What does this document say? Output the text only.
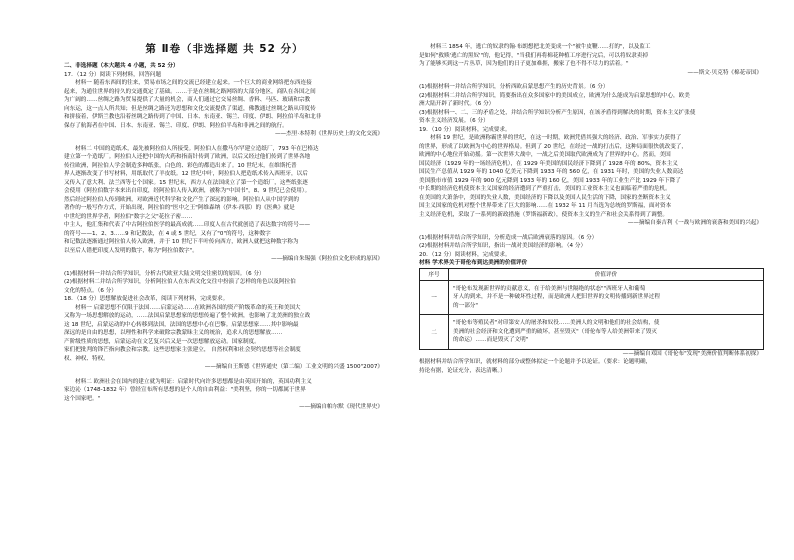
第 Ⅱ卷（非选择题 共 52 分）
二、非选择题（本大题共 4 小题，共 52 分）
17．（12 分）阅读下列材料，回答问题
材料一 随着东西间的往来，贸易市场之间的交流已经建立起来。一个巨大的商业网络把东西连接
起来，为通往世界的持久的交通奠定了基础。……于是在丝绸之路网络的大部分地区，商队在各国之间
为广阔的……丝绸之路为贸易提供了大量的机会，商人们通过它交易丝绸、香料、马匹、玻璃和宗教
向东运，这一点人所共知；但是丝绸之路还为思想和文化交流提供了渠道，佛教通过丝绸之路从印度传
和拼接着，伊斯兰教也沿着丝绸之路传到了中国、日本、东南亚、锡兰、印度、伊朗、阿拉伯半岛和北非
保存了航海者在中国、日本、东南亚、锡兰、印度、伊朗、阿拉伯半岛和非洲之间的航行。
——杰里·本特利《世界历史上的文化交流》
材料二 中国的造纸术，最先被阿拉伯人所接受。阿拉伯人在撒马尔罕建立造纸厂，793 年在巴格达
建立第一个造纸厂。阿拉伯人还把中国的火药和指南针传到了欧洲，以后又经过他们传到了世界各地
传往欧洲，阿拉伯人学会制造多种纸张，白色的、彩色的都造出来了。10 世纪末，在维斯托普
界人逐渐改变了书写材料，用纸取代了羊皮纸。12 世纪中叶，阿拉伯人把造纸术传入西班牙，以后
又传入了意大利、法兰西等七个国家。15 世纪末，西方人在法国成立了第一个造纸厂，这些纸张逐
会使用（阿拉伯数字本来出自印度，经阿拉伯人传入欧洲，被称为"中国书"，8、9 世纪已会使用）。
然后经过阿拉伯人传到欧洲，对欧洲近代科学和文化产生了深远的影响。阿拉伯人从中国学到的
著作的一般写作方式，开始出现，阿拉伯的"医中之王"阿维森纳（伊本·西那）的《医典》就是
中世纪的世界学者，阿拉伯"数字之父"花拉子密……
中主人，他汇集和代表了中古阿拉伯医学的最高成就……印度人在古代就创造了表达数字的符号——
的符号——1、2、3……9 和记数法，在 4 或 5 世纪，又有了"0"的符号，这种数字
和记数法逐渐通过阿拉伯人传入欧洲，并于 10 世纪下半叶传向西方，欧洲人就把这种数字称为
以至后人错把印度人发明的数字，称为"阿拉伯数字"。
——摘编自朱锡强《阿拉伯文化形成的原因》
(1)根据材料一并结合所学知识，分析古代欧亚大陆文明交往密切的原因。（6 分）
(2)根据材料二并结合所学知识，分析阿拉伯人在东西文化交往中扮演了怎样的角色以及阿拉伯
文化的特点。（6 分）
18．（18 分）思想解放促进社会改革，阅读下列材料，完成要求。
材料一 启蒙思想不仅限于法国……启蒙运动……在欧洲各国的资产阶级革命的英王和美国大
又称为一场思想解放的运动，……法国启蒙思想家的思想传遍了整个欧洲，也影响了北美洲的独立战
这 18 世纪，启蒙运动的中心转移到法国，法国的思想中心在巴黎。启蒙思想家……其中影响最
深远的是自由的思想，以理性和科学来破除宗教蒙昧主义的统治，追求人的思想解放……
产阶级性质的思想，启蒙运动在文艺复兴后又是一次思想解放运动。国家制度。
家们把批判的锋芒指向教会和宗教。这些思想家主张建立， 自然权利和社会契约思想等社会制度
权、神权、特权。
——摘编自王斯德《世界通史（第二编）工业文明的兴盛 1500"2007》
材料二 欧洲社会在国内的建立就为明证：启蒙时代向许多思想都是由英国开始的，英国功利主义
家边沁（1748-1832 年）曾经宣布所有思想的是个人的自由利益："美利坚，你的一切都属于世界
这个国家吧。"
——摘编自帕尔默《现代世界史》
材料三 1854 年，逃亡的奴隶约翰·布朗想把北美变成一个"被牛皮鞭……打的"，以及监工
是如何"救赎'逃亡的黑奴'"的，他记得，"当我们再将棉花种植工序进行完后，可以将奴隶卖掉
为了能够买到这一片丛草，因为他们的日子更加难捱，搬家了也不得不尽力的活着。"
——斯文·贝克特《棉花帝国》
(1)根据材料一并结合所学知识，分析西欧启蒙思想产生的历史背景。（6 分）
(2)根据材料二并结合所学知识，简要指出在众多国家中的美国成立，欧洲为什么能成为启蒙思想的中心，欧美
洲大陆开辟了新时代。（6 分）
(3)根据材料一、二、三的矛盾之处，并结合所学知识分析产生原因，在该矛盾得到解决的时期，资本主义扩张使
资本主义经济发展。（6 分）
19．（10 分）阅读材料，完成要求。
材料 19 世纪，是欧洲称霸世界的世纪，在这一时期，欧洲凭借其强大的经济、政治、军事实力获得了
的世界，形成了以欧洲为中心的世界格局。但到了 20 世纪，在经过一战的打击后，这种局面很快就改变了，
欧洲的中心地位开始动摇。第一次世界大战中，一战之后美国取代欧洲成为了世界的中心。然而，美国
国民经济（1929 年的一场经济危机），在 1929 年美国的国民经济下降到了 1928 年的 80%，资本主义
国民生产总值从 1929 年的 1040 亿美元下降到 1933 年的 560 亿，在 1931 年时，美国的失业人数高达
美国股市市值 1929 年的 900 亿元降到 1933 年的 160 亿，美国 1933 年的工业生产比 1929 年下降了
中长期的经济危机使资本主义国家的经济遭到了严重打击，美国的工业资本主义也面临着严重的危机。
在美国的大萧条中，美国的失业人数，美国经济的下降以及美国人民生活的下降，国家的垄断资本主义
国主义国家的危机对整个世界带来了巨大的影响……在 1932 年 11 月当选为总统的罗斯福，面对资本
主义经济危机，采取了一系列的新政措施（罗斯福新政），使资本主义的生产和社会关系得到了调整。
——摘编自秦吉利《一战与欧洲的衰落和美国的兴起》
(1)根据材料并结合所学知识，分析造成一战后欧洲衰落的原因。（6 分）
(2)根据材料并结合所学知识，指出一战对美国经济的影响。（4 分）
20．（12 分）阅读材料，完成要求。
材料 学术界关于哥伦布到达美洲的价值评价
序号	价值评价
一	"哥伦布发现新世界的贡献意义，在于给美洲与世隔绝的状态""西班牙人和葡萄
牙人的到来，并不是一种破坏性过程，而是欧洲人把旧世界的文明传播到新世界过程
的一部分"

二	"哥伦布等殖民者"对印第安人的屠杀和奴役……美洲人的文明和他们的社会结构，使
美洲的社会经济和文化遭到严重的破坏，甚至毁灭"（哥伦布等人给美洲带来了毁灭
的命运）……而是毁灭了文明"
——摘编自邓国《哥伦布"发现"美洲价值判断体系初探》
根据材料并结合所学知识，就材料的部分或整体拟定一个论题并予以论证。（要求：论题明确，
持论有据，论证充分，表达清晰。）
